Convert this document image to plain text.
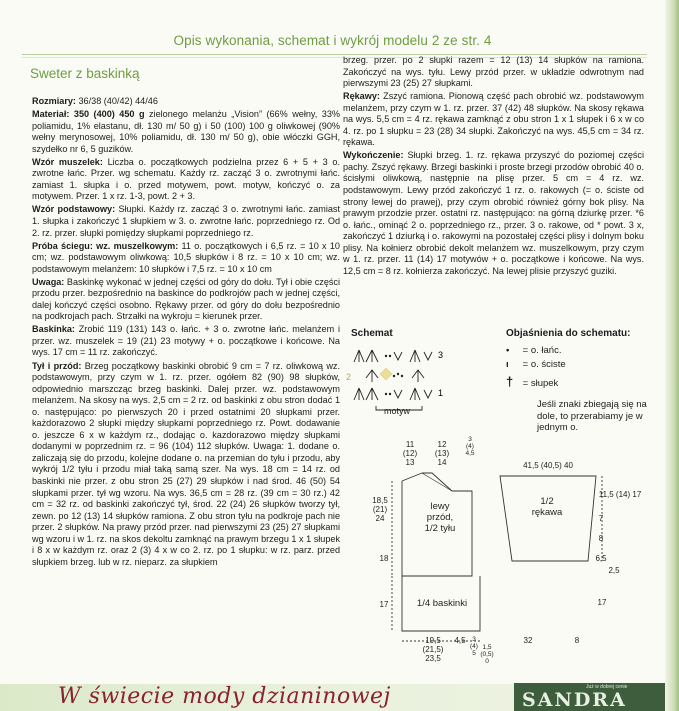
Opis wykonania, schemat i wykrój modelu 2 ze str. 4
Sweter z baskinką

Rozmiary: 36/38 (40/42) 44/46

Materiał: 350 (400) 450 g zielonego melanżu „Vision” (66% wełny, 33% poliamidu, 1% elastanu, dł. 130 m/ 50 g) i 50 (100) 100 g oliwkowej (90% wełny merynosowej, 10% poliamidu, dł. 130 m/ 50 g), obie włóczki GGH, szydełko nr 6, 5 guzików.

Wzór muszelek: Liczba o. początkowych podzielna przez 6 + 5 + 3 o. zwrotne łańc. Przer. wg schematu. Każdy rz. zacząć 3 o. zwrotnymi łańc. zamiast 1. słupka i o. przed motywem, powt. motyw, kończyć o. za motywem. Przer. 1 x rz. 1-3, powt. 2 + 3.

Wzór podstawowy: Słupki. Każdy rz. zacząć 3 o. zwrotnymi łańc. zamiast 1. słupka i zakończyć 1 słupkiem w 3. o. zwrotne łańc. poprzedniego rz. Od 2. rz. przer. słupki pomiędzy słupkami poprzedniego rz.

Próba ściegu: wz. muszelkowym: 11 o. początkowych i 6,5 rz. = 10 x 10 cm; wz. podstawowym oliwkową: 10,5 słupków i 8 rz. = 10 x 10 cm; wz. podstawowym melanżem: 10 słupków i 7,5 rz. = 10 x 10 cm

Uwaga: Baskinkę wykonać w jednej części od góry do dołu. Tył i obie części przodu przer. bezpośrednio na baskince do podkrojów pach w jednej części, dalej kończyć części osobno. Rękawy przer. od góry do dołu bezpośrednio na podkrojach pach. Strzałki na wykroju = kierunek przer.

Baskinka: Zrobić 119 (131) 143 o. łańc. + 3 o. zwrotne łańc. melanżem i przer. wz. muszelek = 19 (21) 23 motywy + o. początkowe i końcowe. Na wys. 17 cm = 11 rz. zakończyć.

Tył i przód: Brzeg początkowy baskinki obrobić 9 cm = 7 rz. oliwkową wz. podstawowym, przy czym w 1. rz. przer. ogółem 82 (90) 98 słupków, odpowiednio marszcząc brzeg baskinki. Dalej przer. wz. podstawowym melanżem. Na skosy na wys. 2,5 cm = 2 rz. od baskinki z obu stron dodać 1 o. następująco: po pierwszych 20 i przed ostatnimi 20 słupkami przer. każdorazowo 2 słupki między słupkami poprzedniego rz. Powt. dodawanie o. jeszcze 6 x w każdym rz., dodając o. kazdorazowo między słupkami dodanymi w poprzednim rz. = 96 (104) 112 słupków. Uwaga: 1. dodane o. zaliczają się do przodu, kolejne dodane o. na przemian do tyłu i przodu, aby wykrój 1/2 tyłu i przodu miał taką samą szer. Na wys. 18 cm = 14 rz. od baskinki nie przer. z obu stron 25 (27) 29 słupków i nad środ. 46 (50) 54 słupkami przer. tył wg wzoru. Na wys. 36,5 cm = 28 rz. (39 cm = 30 rz.) 42 cm = 32 rz. od baskinki zakończyć tył, środ. 22 (24) 26 słupków tworzy tył, zewn. po 12 (13) 14 słupków ramiona. Z obu stron tyłu na podkroje pach nie przer. 2 słupków. Na prawy przód przer. nad pierwszymi 23 (25) 27 słupkami wg wzoru i w 1. rz. na skos dekoltu zamknąć na prawym brzegu 1 x 1 słupek i 8 x w każdym rz. oraz 2 (3) 4 x w co 2. rz. po 1 słupku: w rz. parz. przed słupkiem brzeg. lub w rz. nieparz. za słupkiem

brzeg. przer. po 2 słupki razem = 12 (13) 14 słupków na ramiona. Zakończyć na wys. tyłu. Lewy przód przer. w układzie odwrotnym nad pierwszymi 23 (25) 27 słupkami.

Rękawy: Zszyć ramiona. Pionową część pach obrobić wz. podstawowym melanżem, przy czym w 1. rz. przer. 37 (42) 48 słupków. Na skosy rękawa na wys. 5,5 cm = 4 rz. rękawa zamknąć z obu stron 1 x 1 słupek i 6 x w co 4. rz. po 1 słupku = 23 (28) 34 słupki. Zakończyć na wys. 45,5 cm = 34 rz. rękawa.

Wykończenie: Słupki brzeg. 1. rz. rękawa przyszyć do poziomej części pachy. Zszyć rękawy. Brzegi baskinki i proste brzegi przodów obrobić 40 o. ścisłymi oliwkową, następnie na plisę przer. 5 cm = 4 rz. wz. podstawowym. Lewy przód zakończyć 1 rz. o. rakowych (= o. ściste od strony lewej do prawej), przy czym obrobić również górny bok plisy. Na prawym przodzie przer. ostatni rz. następująco: na górną dziurkę przer. *6 o. łańc., ominąć 2 o. poprzedniego rz., przer. 3 o. rakowe, od * powt. 3 x, zakończyć 1 dziurką i o. rakowymi na pozostałej części plisy i dolnym boku plisy. Na kołnierz obrobić dekolt melanżem wz. muszelkowym, przy czym w 1. rz. przer. 11 (14) 17 motywów + o. początkowe i końcowe. Na wys. 12,5 cm = 8 rz. kołnierza zakończyć. Na lewej plisie przyszyć guziki.

Schemat
3
2
1
motyw
Objaśnienia do schematu:
• = o. łańc.
ı = o. ściste
† = słupek
Jeśli znaki zbiegają się na dole, to przerabiamy je w jednym o.
lewy
przód,
1/2 tyłu
1/4 baskinki
1/2
rękawa
11
(12)
13
12
(13)
14
3
(4)
4,5
41,5 (40,5) 40
18,5
(21)
24
18
17
11,5 (14) 17
7
8
6,5
2,5
17
19,5
(21,5)
23,5
4,5	3
(4)
5
1,5
(0,5)
0
32	8
W świecie mody dzianinowej	Już w dobrej cenie
SANDRA
